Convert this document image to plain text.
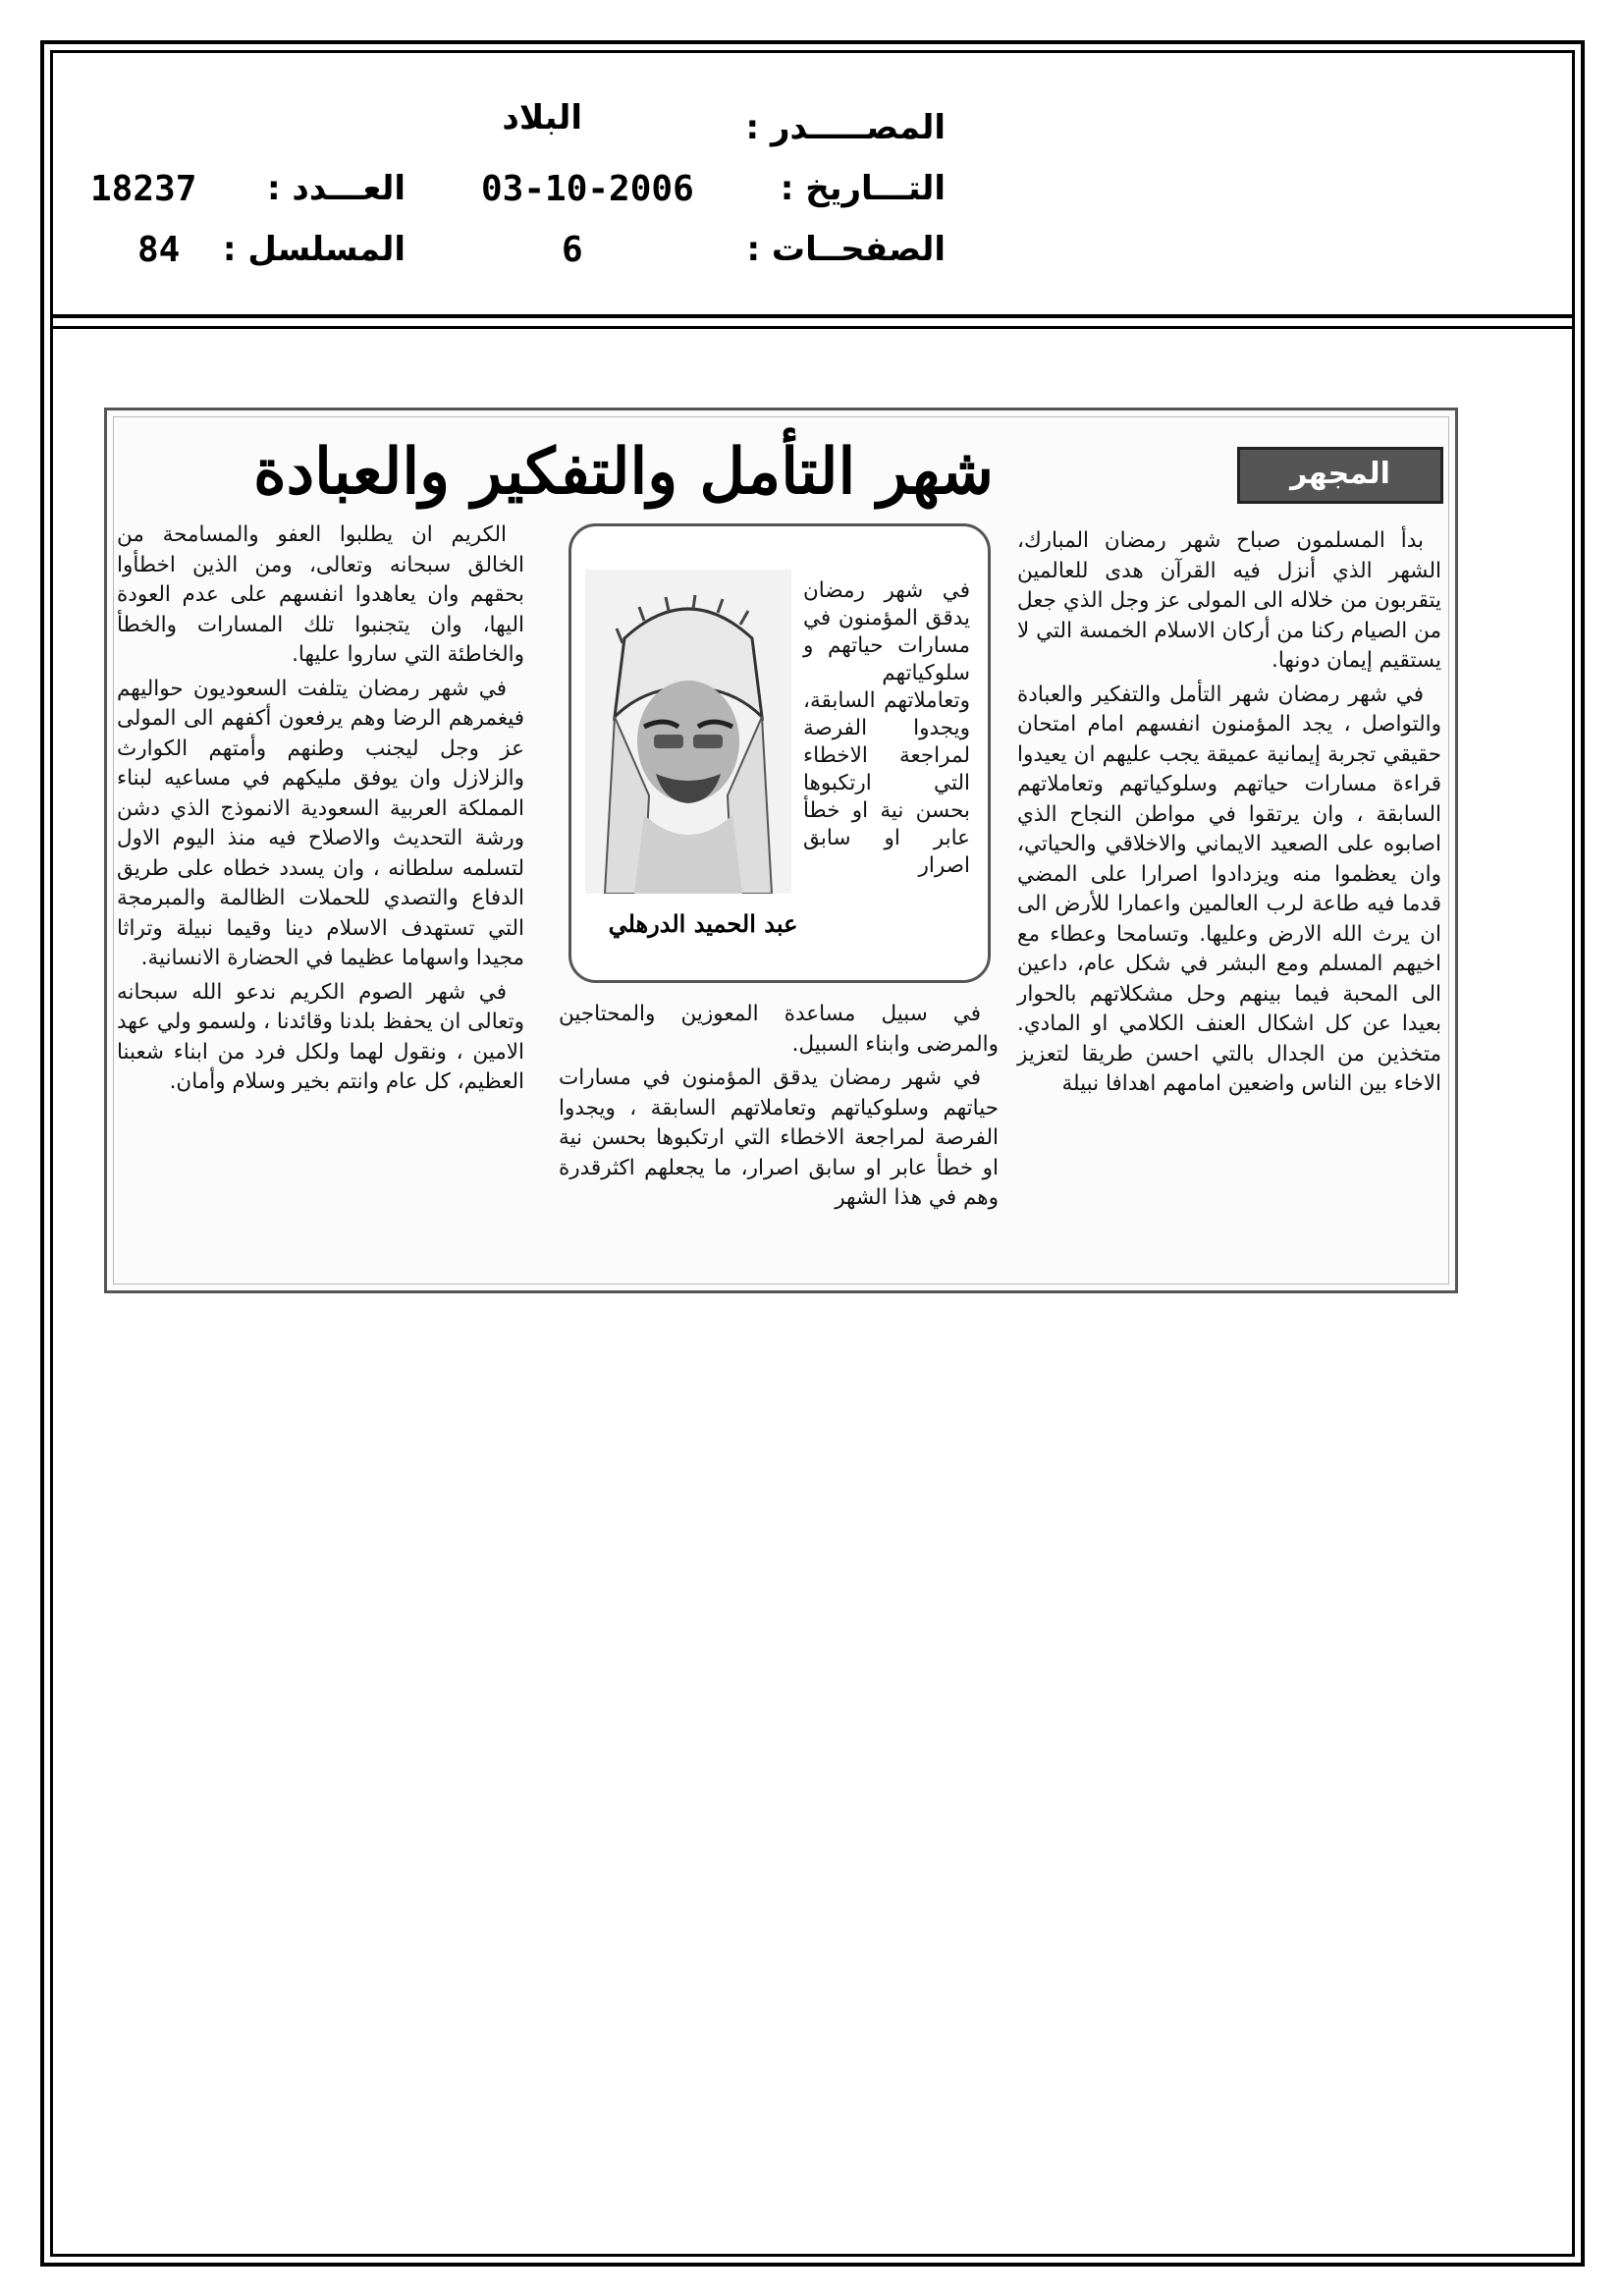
المصـــــدر :
البلاد
التـــاريخ :
03-10-2006
العـــدد :
18237
الصفحــات :
6
المسلسل :
84
المجهر
شهر التأمل والتفكير والعبادة

بدأ المسلمون صباح شهر رمضان المبارك، الشهر الذي أنزل فيه القرآن هدى للعالمين يتقربون من خلاله الى المولى عز وجل الذي جعل من الصيام ركنا من أركان الاسلام الخمسة التي لا يستقيم إيمان دونها.

في شهر رمضان شهر التأمل والتفكير والعبادة والتواصل ، يجد المؤمنون انفسهم امام امتحان حقيقي تجربة إيمانية عميقة يجب عليهم ان يعيدوا قراءة مسارات حياتهم وسلوكياتهم وتعاملاتهم السابقة ، وان يرتقوا في مواطن النجاح الذي اصابوه على الصعيد الايماني والاخلاقي والحياتي، وان يعظموا منه ويزدادوا اصرارا على المضي قدما فيه طاعة لرب العالمين واعمارا للأرض الى ان يرث الله الارض وعليها. وتسامحا وعطاء مع اخيهم المسلم ومع البشر في شكل عام، داعين الى المحبة فيما بينهم وحل مشكلاتهم بالحوار بعيدا عن كل اشكال العنف الكلامي او المادي. متخذين من الجدال بالتي احسن طريقا لتعزيز الاخاء بين الناس واضعين امامهم اهدافا نبيلة

عبد الحميد الدرهلي
في شهر رمضان يدقق المؤمنون في مسارات حياتهم و سلوكياتهم وتعاملاتهم السابقة، ويجدوا الفرصة لمراجعة الاخطاء التي ارتكبوها بحسن نية او خطأ عابر او سابق اصرار

في سبيل مساعدة المعوزين والمحتاجين والمرضى وابناء السبيل.

في شهر رمضان يدقق المؤمنون في مسارات حياتهم وسلوكياتهم وتعاملاتهم السابقة ، ويجدوا الفرصة لمراجعة الاخطاء التي ارتكبوها بحسن نية او خطأ عابر او سابق اصرار، ما يجعلهم اكثرقدرة وهم في هذا الشهر

الكريم ان يطلبوا العفو والمسامحة من الخالق سبحانه وتعالى، ومن الذين اخطأوا بحقهم وان يعاهدوا انفسهم على عدم العودة اليها، وان يتجنبوا تلك المسارات والخطأ والخاطئة التي ساروا عليها.

في شهر رمضان يتلفت السعوديون حواليهم فيغمرهم الرضا وهم يرفعون أكفهم الى المولى عز وجل ليجنب وطنهم وأمتهم الكوارث والزلازل وان يوفق مليكهم في مساعيه لبناء المملكة العربية السعودية الانموذج الذي دشن ورشة التحديث والاصلاح فيه منذ اليوم الاول لتسلمه سلطانه ، وان يسدد خطاه على طريق الدفاع والتصدي للحملات الظالمة والمبرمجة التي تستهدف الاسلام دينا وقيما نبيلة وتراثا مجيدا واسهاما عظيما في الحضارة الانسانية.

في شهر الصوم الكريم ندعو الله سبحانه وتعالى ان يحفظ بلدنا وقائدنا ، ولسمو ولي عهد الامين ، ونقول لهما ولكل فرد من ابناء شعبنا العظيم، كل عام وانتم بخير وسلام وأمان.
